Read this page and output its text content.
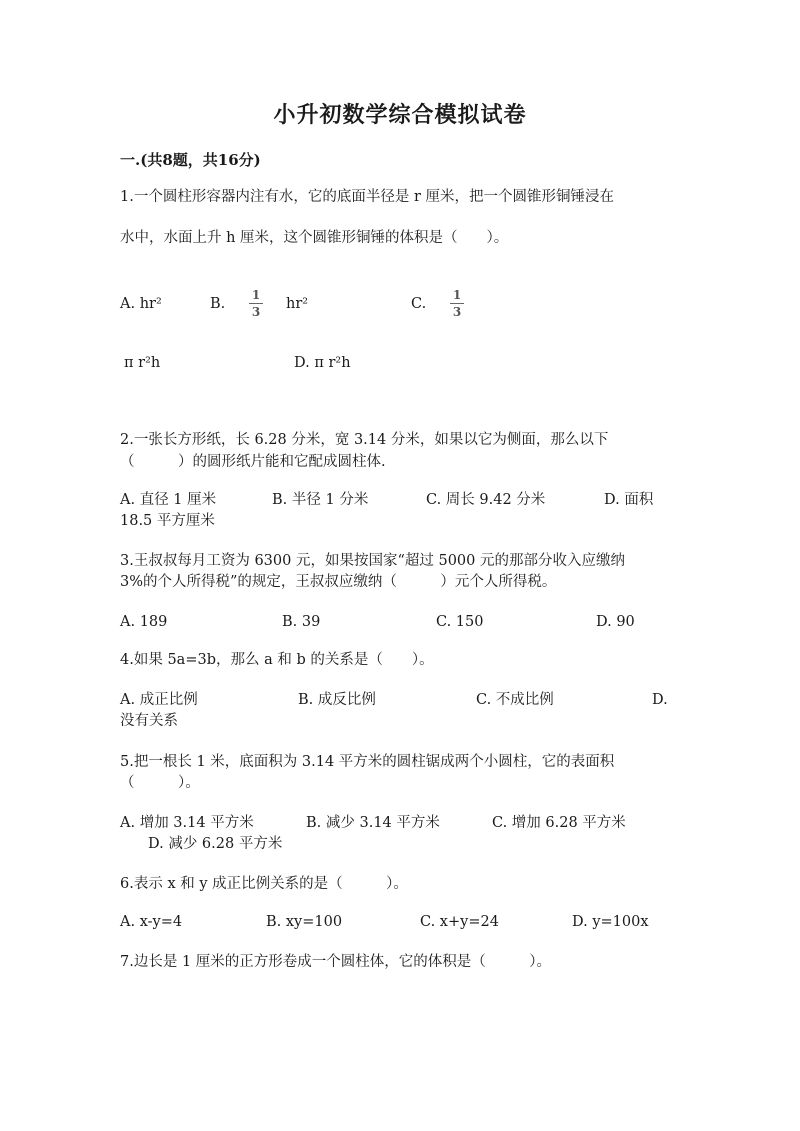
小升初数学综合模拟试卷
一.(共8题，共16分)
1.一个圆柱形容器内注有水，它的底面半径是 r 厘米，把一个圆锥形铜锤浸在
水中，水面上升 h 厘米，这个圆锥形铜锤的体积是（　　）。
A. hr²	B.
1
3 hr²	C.
1
3
π r²h	D. π r²h
2.一张长方形纸，长 6.28 分米，宽 3.14 分米，如果以它为侧面，那么以下
（　　　）的圆形纸片能和它配成圆柱体.
A. 直径 1 厘米	B. 半径 1 分米	C. 周长 9.42 分米	D. 面积
18.5 平方厘米
3.王叔叔每月工资为 6300 元，如果按国家“超过 5000 元的那部分收入应缴纳
3%的个人所得税”的规定，王叔叔应缴纳（　　　）元个人所得税。
A. 189	B. 39	C. 150	D. 90
4.如果 5a=3b，那么 a 和 b 的关系是（　　）。
A. 成正比例	B. 成反比例	C. 不成比例	D.
没有关系
5.把一根长 1 米，底面积为 3.14 平方米的圆柱锯成两个小圆柱，它的表面积
（　　　）。
A. 增加 3.14 平方米	B. 减少 3.14 平方米	C. 增加 6.28 平方米
D. 减少 6.28 平方米
6.表示 x 和 y 成正比例关系的是（　　　）。
A. x-y=4	B. xy=100	C. x+y=24	D. y=100x
7.边长是 1 厘米的正方形卷成一个圆柱体，它的体积是（　　　）。
